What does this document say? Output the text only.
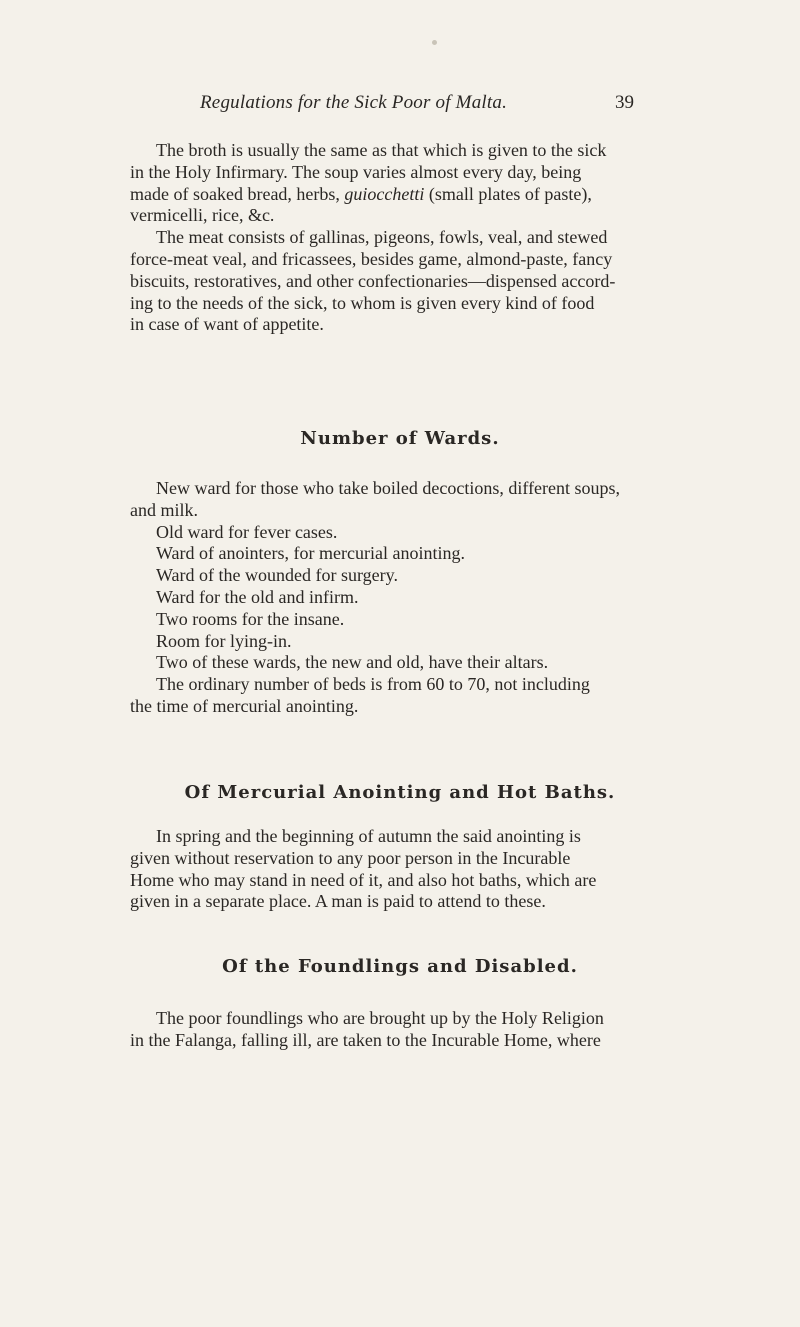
Regulations for the Sick Poor of Malta.	39

The broth is usually the same as that which is given to the sick

in the Holy Infirmary. The soup varies almost every day, being

made of soaked bread, herbs, guiocchetti (small plates of paste),

vermicelli, rice, &c.

The meat consists of gallinas, pigeons, fowls, veal, and stewed

force-meat veal, and fricassees, besides game, almond-paste, fancy

biscuits, restoratives, and other confectionaries—dispensed accord-

ing to the needs of the sick, to whom is given every kind of food

in case of want of appetite.

Number of Wards.

New ward for those who take boiled decoctions, different soups,

and milk.

Old ward for fever cases.

Ward of anointers, for mercurial anointing.

Ward of the wounded for surgery.

Ward for the old and infirm.

Two rooms for the insane.

Room for lying-in.

Two of these wards, the new and old, have their altars.

The ordinary number of beds is from 60 to 70, not including

the time of mercurial anointing.

Of Mercurial Anointing and Hot Baths.

In spring and the beginning of autumn the said anointing is

given without reservation to any poor person in the Incurable

Home who may stand in need of it, and also hot baths, which are

given in a separate place. A man is paid to attend to these.

Of the Foundlings and Disabled.

The poor foundlings who are brought up by the Holy Religion

in the Falanga, falling ill, are taken to the Incurable Home, where
